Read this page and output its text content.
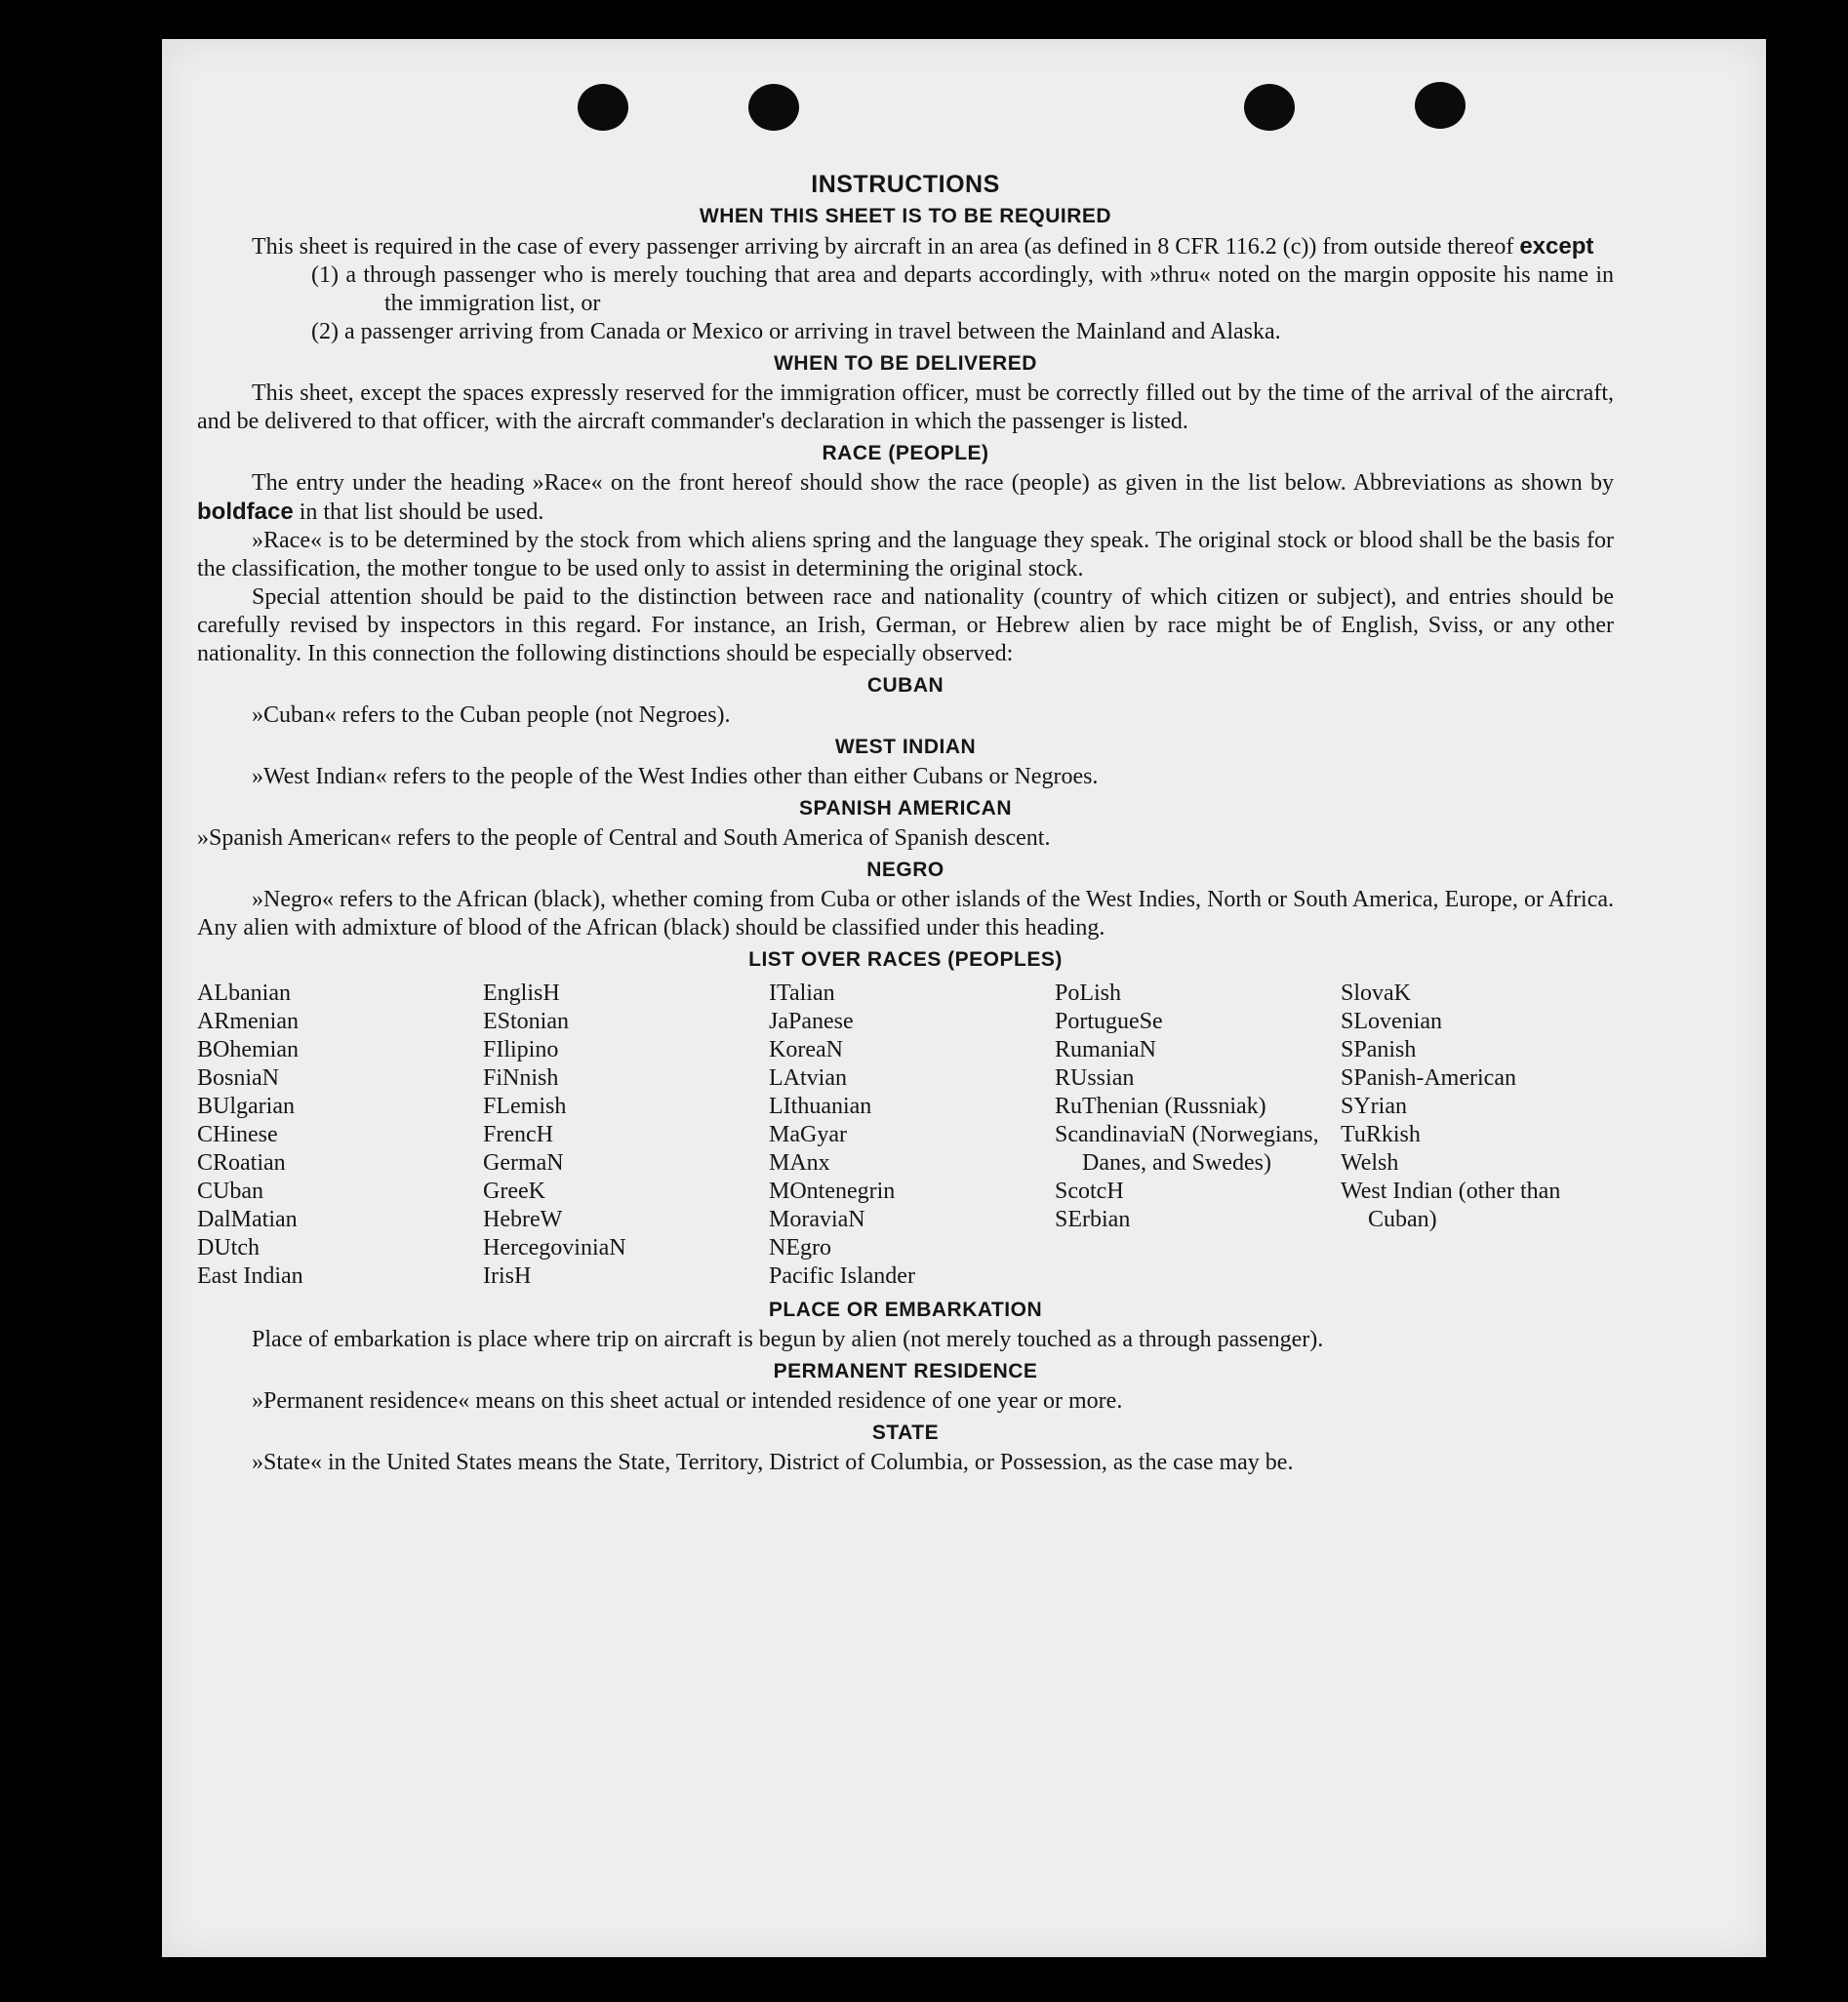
INSTRUCTIONS
WHEN THIS SHEET IS TO BE REQUIRED

This sheet is required in the case of every passenger arriving by aircraft in an area (as defined in 8 CFR 116.2 (c)) from outside thereof except

(1) a through passenger who is merely touching that area and departs accordingly, with »thru« noted on the margin opposite his name in the immigration list, or
(2) a passenger arriving from Canada or Mexico or arriving in travel between the Mainland and Alaska.
WHEN TO BE DELIVERED

This sheet, except the spaces expressly reserved for the immigration officer, must be correctly filled out by the time of the arrival of the aircraft, and be delivered to that officer, with the aircraft commander's declaration in which the passenger is listed.

RACE (PEOPLE)

The entry under the heading »Race« on the front hereof should show the race (people) as given in the list below. Abbreviations as shown by boldface in that list should be used.

»Race« is to be determined by the stock from which aliens spring and the language they speak. The original stock or blood shall be the basis for the classification, the mother tongue to be used only to assist in determining the original stock.

Special attention should be paid to the distinction between race and nationality (country of which citizen or subject), and entries should be carefully revised by inspectors in this regard. For instance, an Irish, German, or Hebrew alien by race might be of English, Sviss, or any other nationality. In this connection the following distinctions should be especially observed:

CUBAN

»Cuban« refers to the Cuban people (not Negroes).

WEST INDIAN

»West Indian« refers to the people of the West Indies other than either Cubans or Negroes.

SPANISH AMERICAN

»Spanish American« refers to the people of Central and South America of Spanish descent.

NEGRO

»Negro« refers to the African (black), whether coming from Cuba or other islands of the West Indies, North or South America, Europe, or Africa. Any alien with admixture of blood of the African (black) should be classified under this heading.

LIST OVER RACES (PEOPLES)
ALbanian
ARmenian
BOhemian
BosniaN
BUlgarian
CHinese
CRoatian
CUban
DalMatian
DUtch
East Indian
EnglisH
EStonian
FIlipino
FiNnish
FLemish
FrencH
GermaN
GreeK
HebreW
HercegoviniaN
IrisH
ITalian
JaPanese
KoreaN
LAtvian
LIthuanian
MaGyar
MAnx
MOntenegrin
MoraviaN
NEgro
Pacific Islander
PoLish
PortugueSe
RumaniaN
RUssian
RuThenian (Russniak)
ScandinaviaN (Norwegians, Danes, and Swedes)
ScotcH
SErbian
SlovaK
SLovenian
SPanish
SPanish-American
SYrian
TuRkish
Welsh
West Indian (other than Cuban)
PLACE OR EMBARKATION

Place of embarkation is place where trip on aircraft is begun by alien (not merely touched as a through passenger).

PERMANENT RESIDENCE

»Permanent residence« means on this sheet actual or intended residence of one year or more.

STATE

»State« in the United States means the State, Territory, District of Columbia, or Possession, as the case may be.
